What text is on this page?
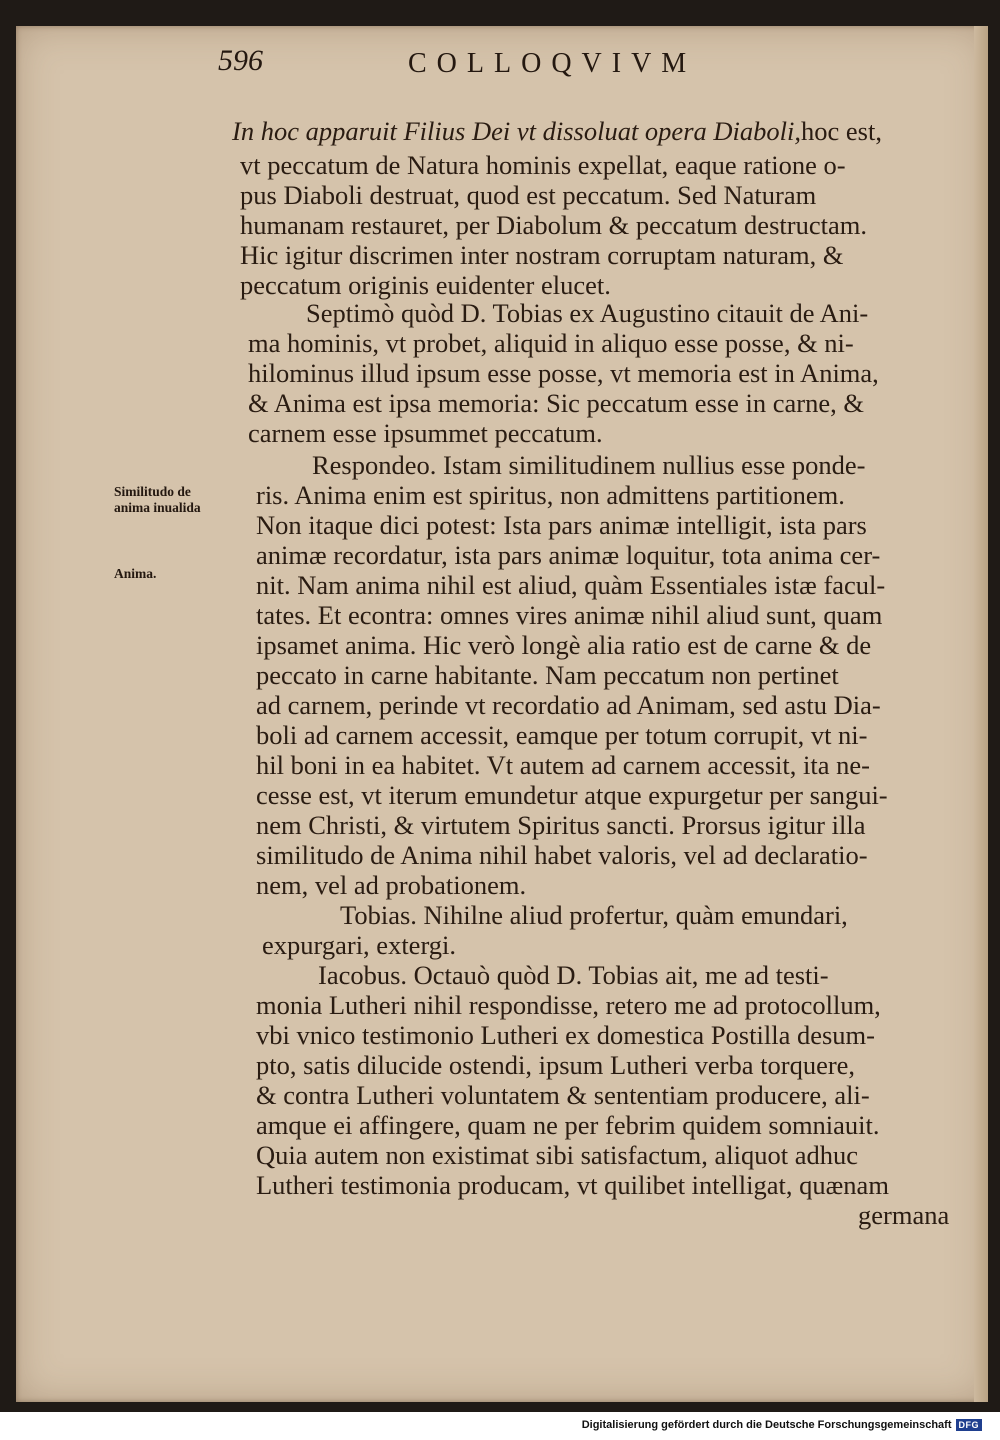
596	COLLOQVIVM
Similitudo de
anima inualida
Anima.
In hoc apparuit Filius Dei vt dissoluat opera Diaboli,hoc est,
vt peccatum de Natura hominis expellat, eaque ratione o-
pus Diaboli destruat, quod est peccatum. Sed Naturam
humanam restauret, per Diabolum & peccatum destructam.
Hic igitur discrimen inter nostram corruptam naturam, &
peccatum originis euidenter elucet.
Septimò quòd D. Tobias ex Augustino citauit de Ani-
ma hominis, vt probet, aliquid in aliquo esse posse, & ni-
hilominus illud ipsum esse posse, vt memoria est in Anima,
& Anima est ipsa memoria: Sic peccatum esse in carne, &
carnem esse ipsummet peccatum.
Respondeo. Istam similitudinem nullius esse ponde-
ris. Anima enim est spiritus, non admittens partitionem.
Non itaque dici potest: Ista pars animæ intelligit, ista pars
animæ recordatur, ista pars animæ loquitur, tota anima cer-
nit. Nam anima nihil est aliud, quàm Essentiales istæ facul-
tates. Et econtra: omnes vires animæ nihil aliud sunt, quam
ipsamet anima. Hic verò longè alia ratio est de carne & de
peccato in carne habitante. Nam peccatum non pertinet
ad carnem, perinde vt recordatio ad Animam, sed astu Dia-
boli ad carnem accessit, eamque per totum corrupit, vt ni-
hil boni in ea habitet. Vt autem ad carnem accessit, ita ne-
cesse est, vt iterum emundetur atque expurgetur per sangui-
nem Christi, & virtutem Spiritus sancti. Prorsus igitur illa
similitudo de Anima nihil habet valoris, vel ad declaratio-
nem, vel ad probationem.
Tobias. Nihilne aliud profertur, quàm emundari,
expurgari, extergi.
Iacobus. Octauò quòd D. Tobias ait, me ad testi-
monia Lutheri nihil respondisse, retero me ad protocollum,
vbi vnico testimonio Lutheri ex domestica Postilla desum-
pto, satis dilucide ostendi, ipsum Lutheri verba torquere,
& contra Lutheri voluntatem & sententiam producere, ali-
amque ei affingere, quam ne per febrim quidem somniauit.
Quia autem non existimat sibi satisfactum, aliquot adhuc
Lutheri testimonia producam, vt quilibet intelligat, quænam
germana
Digitalisierung gefördert durch die Deutsche Forschungsgemeinschaft DFG
